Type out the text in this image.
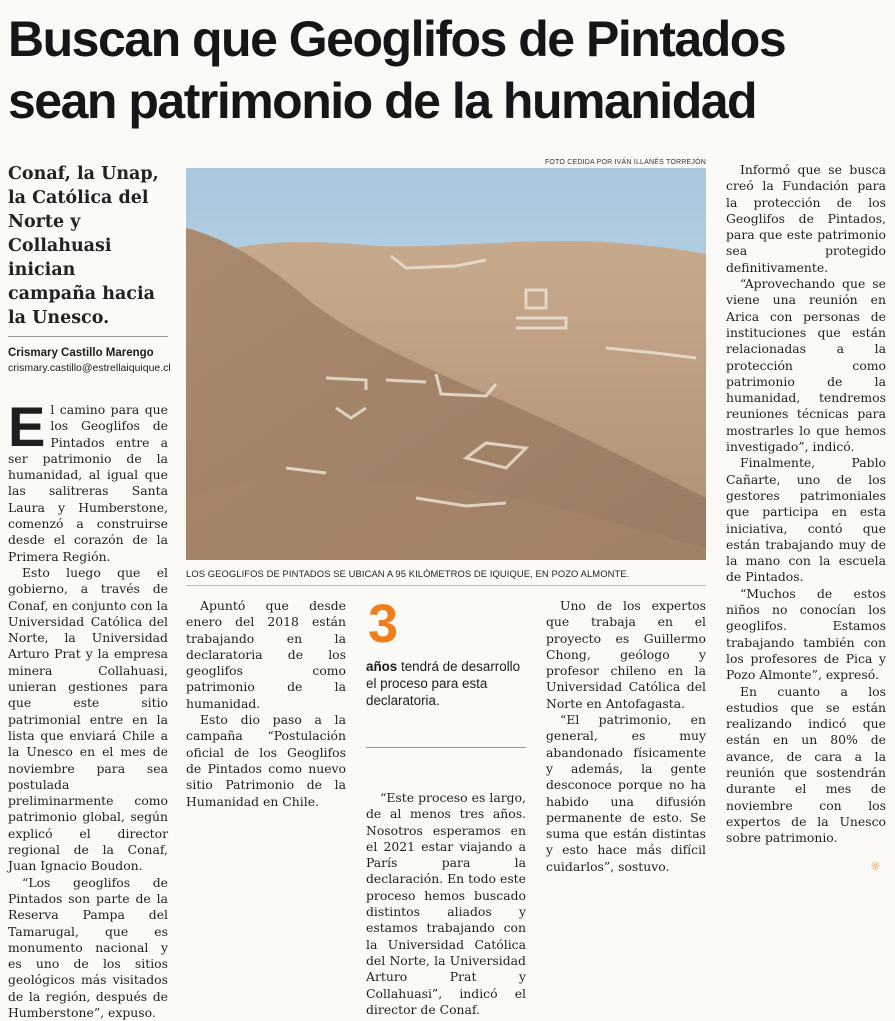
Buscan que Geoglifos de Pintados
sean patrimonio de la humanidad

Conaf, la Unap, la Católica del Norte y Collahuasi inician campaña hacia la Unesco.

Crismary Castillo Marengo
crismary.castillo@estrellaiquique.cl
FOTO CEDIDA POR IVÁN ILLANÉS TORREJÓN
LOS GEOGLIFOS DE PINTADOS SE UBICAN A 95 KILÓMETROS DE IQUIQUE, EN POZO ALMONTE.

El camino para que los Geoglifos de Pintados entre a ser patrimonio de la humanidad, al igual que las salitreras Santa Laura y Humberstone, comenzó a construirse desde el corazón de la Primera Región.

Esto luego que el gobierno, a través de Conaf, en conjunto con la Universidad Católica del Norte, la Universidad Arturo Prat y la empresa minera Collahuasi, unieran gestiones para que este sitio patrimonial entre en la lista que enviará Chile a la Unesco en el mes de noviembre para sea postulada preliminarmente como patrimonio global, según explicó el director regional de la Conaf, Juan Ignacio Boudon.

“Los geoglifos de Pintados son parte de la Reserva Pampa del Tamarugal, que es monumento nacional y es uno de los sitios geológicos más visitados de la región, después de Humberstone”, expuso.

Apuntó que desde enero del 2018 están trabajando en la declaratoria de los geoglifos como patrimonio de la humanidad.

Esto dio paso a la campaña “Postulación oficial de los Geoglifos de Pintados como nuevo sitio Patrimonio de la Humanidad en Chile.

3
años tendrá de desarrollo el proceso para esta declaratoria.

“Este proceso es largo, de al menos tres años. Nosotros esperamos en el 2021 estar viajando a París para la declaración. En todo este proceso hemos buscado distintos aliados y estamos trabajando con la Universidad Católica del Norte, la Universidad Arturo Prat y Collahuasi”, indicó el director de Conaf.

Uno de los expertos que trabaja en el proyecto es Guillermo Chong, geólogo y profesor chileno en la Universidad Católica del Norte en Antofagasta.

“El patrimonio, en general, es muy abandonado físicamente y además, la gente desconoce porque no ha habido una difusión permanente de esto. Se suma que están distintas y esto hace más difícil cuidarlos”, sostuvo.

Informó que se busca creó la Fundación para la protección de los Geoglifos de Pintados, para que este patrimonio sea protegido definitivamente.

“Aprovechando que se viene una reunión en Arica con personas de instituciones que están relacionadas a la protección como patrimonio de la humanidad, tendremos reuniones técnicas para mostrarles lo que hemos investigado”, indicó.

Finalmente, Pablo Cañarte, uno de los gestores patrimoniales que participa en esta iniciativa, contó que están trabajando muy de la mano con la escuela de Pintados.

“Muchos de estos niños no conocían los geoglifos. Estamos trabajando también con los profesores de Pica y Pozo Almonte”, expresó.

En cuanto a los estudios que se están realizando indicó que están en un 80% de avance, de cara a la reunión que sostendrán durante el mes de noviembre con los expertos de la Unesco sobre patrimonio.

☼
